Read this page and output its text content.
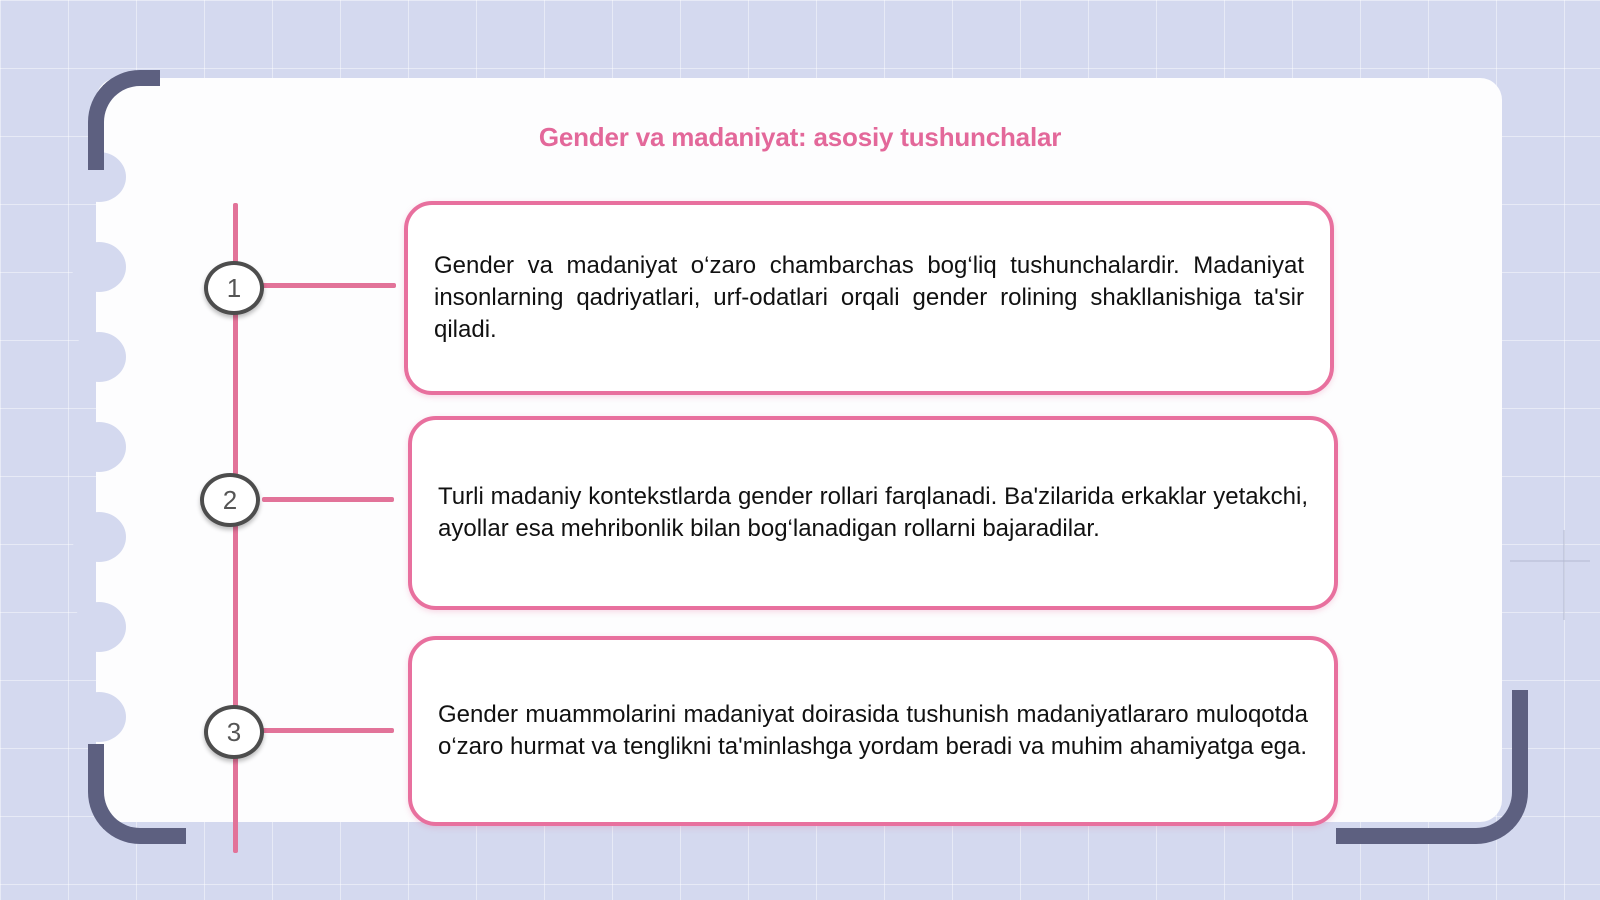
Gender va madaniyat: asosiy tushunchalar
1
2
3

Gender va madaniyat o‘zaro chambarchas bog‘liq tushunchalardir. Madaniyat insonlarning qadriyatlari, urf-odatlari orqali gender rolining shakllanishiga ta'sir qiladi.

Turli madaniy kontekstlarda gender rollari farqlanadi. Ba'zilarida erkaklar yetakchi, ayollar esa mehribonlik bilan bog‘lanadigan rollarni bajaradilar.

Gender muammolarini madaniyat doirasida tushunish madaniyatlararo muloqotda o‘zaro hurmat va tenglikni ta'minlashga yordam beradi va muhim ahamiyatga ega.
